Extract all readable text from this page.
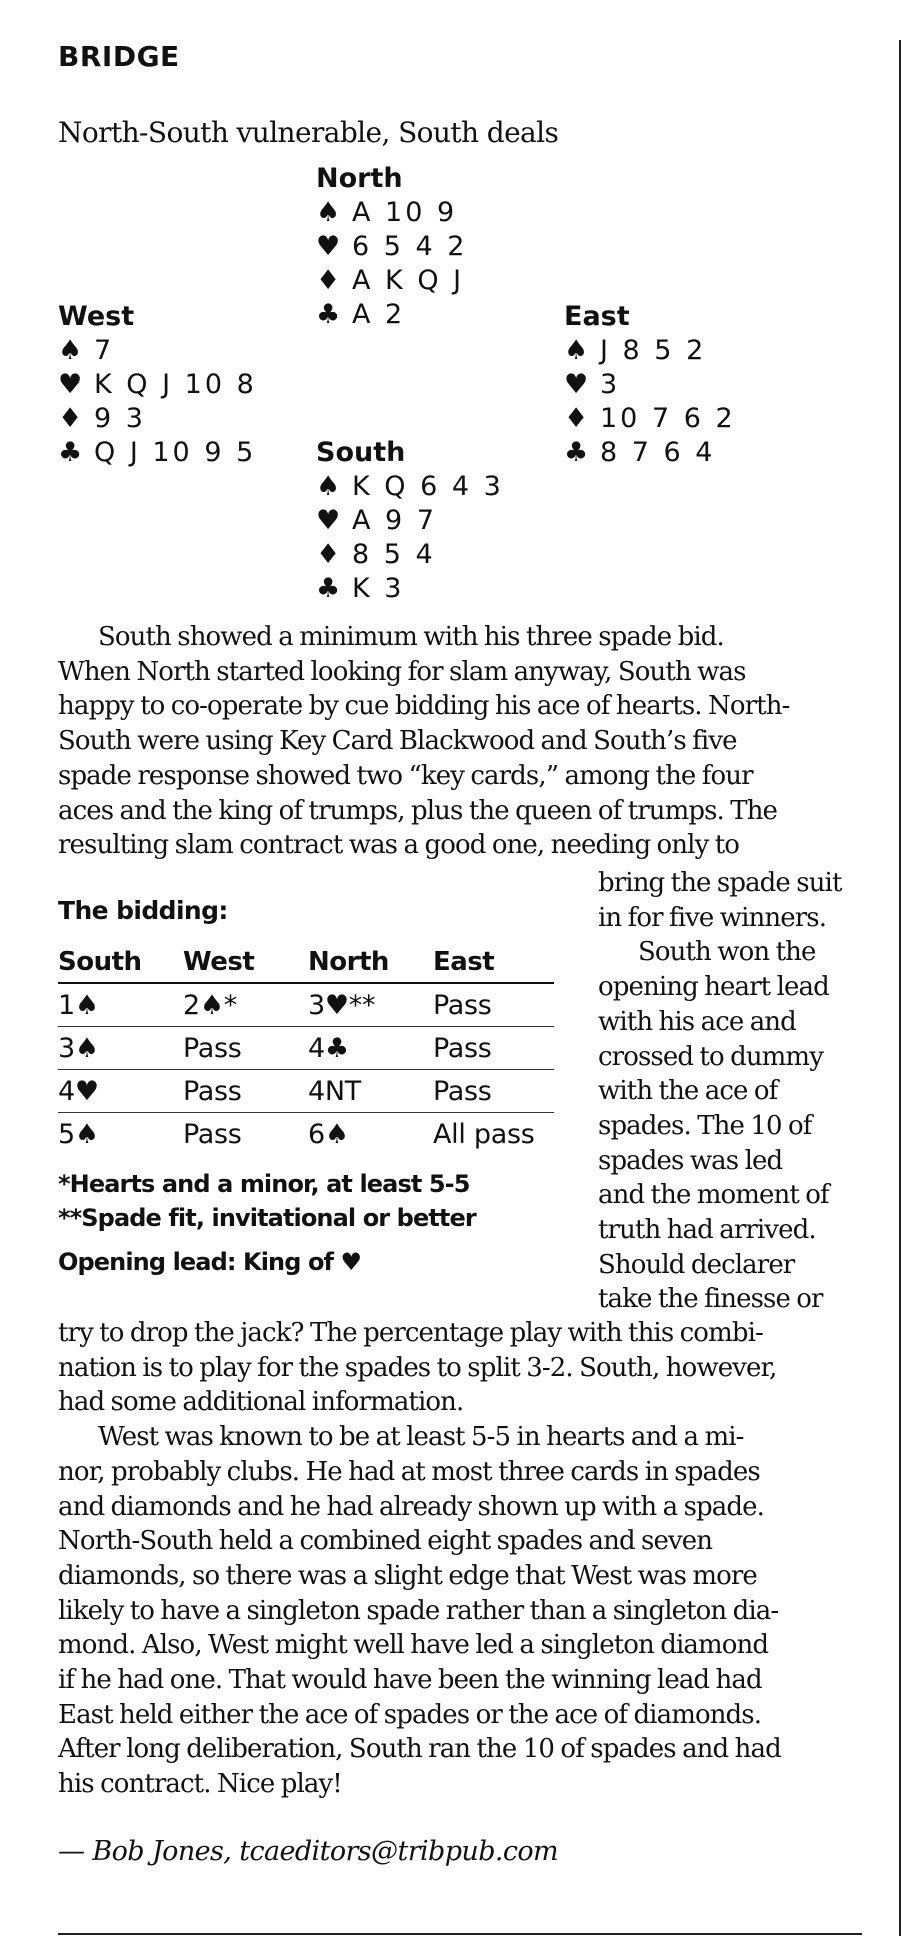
BRIDGE
North-South vulnerable, South deals
North
♠ A 10 9
♥ 6 5 4 2
♦ A K Q J
♣ A 2
West
♠ 7
♥ K Q J 10 8
♦ 9 3
♣ Q J 10 9 5
East
♠ J 8 5 2
♥ 3
♦ 10 7 6 2
♣ 8 7 6 4
South
♠ K Q 6 4 3
♥ A 9 7
♦ 8 5 4
♣ K 3
South showed a minimum with his three spade bid.
When North started looking for slam anyway, South was
happy to co-operate by cue bidding his ace of hearts. North-
South were using Key Card Blackwood and South’s five
spade response showed two “key cards,” among the four
aces and the king of trumps, plus the queen of trumps. The
resulting slam contract was a good one, needing only to
The bidding:
South	West	North	East
1♠	2♠*	3♥**	Pass
3♠	Pass	4♣	Pass
4♥	Pass	4NT	Pass
5♠	Pass	6♠	All pass
*Hearts and a minor, at least 5-5
**Spade fit, invitational or better
Opening lead: King of ♥
bring the spade suit
in for five winners.
South won the
opening heart lead
with his ace and
crossed to dummy
with the ace of
spades. The 10 of
spades was led
and the moment of
truth had arrived.
Should declarer
take the finesse or
try to drop the jack? The percentage play with this combi-
nation is to play for the spades to split 3-2. South, however,
had some additional information.
West was known to be at least 5-5 in hearts and a mi-
nor, probably clubs. He had at most three cards in spades
and diamonds and he had already shown up with a spade.
North-South held a combined eight spades and seven
diamonds, so there was a slight edge that West was more
likely to have a singleton spade rather than a singleton dia-
mond. Also, West might well have led a singleton diamond
if he had one. That would have been the winning lead had
East held either the ace of spades or the ace of diamonds.
After long deliberation, South ran the 10 of spades and had
his contract. Nice play!
— Bob Jones, tcaeditors@tribpub.com
